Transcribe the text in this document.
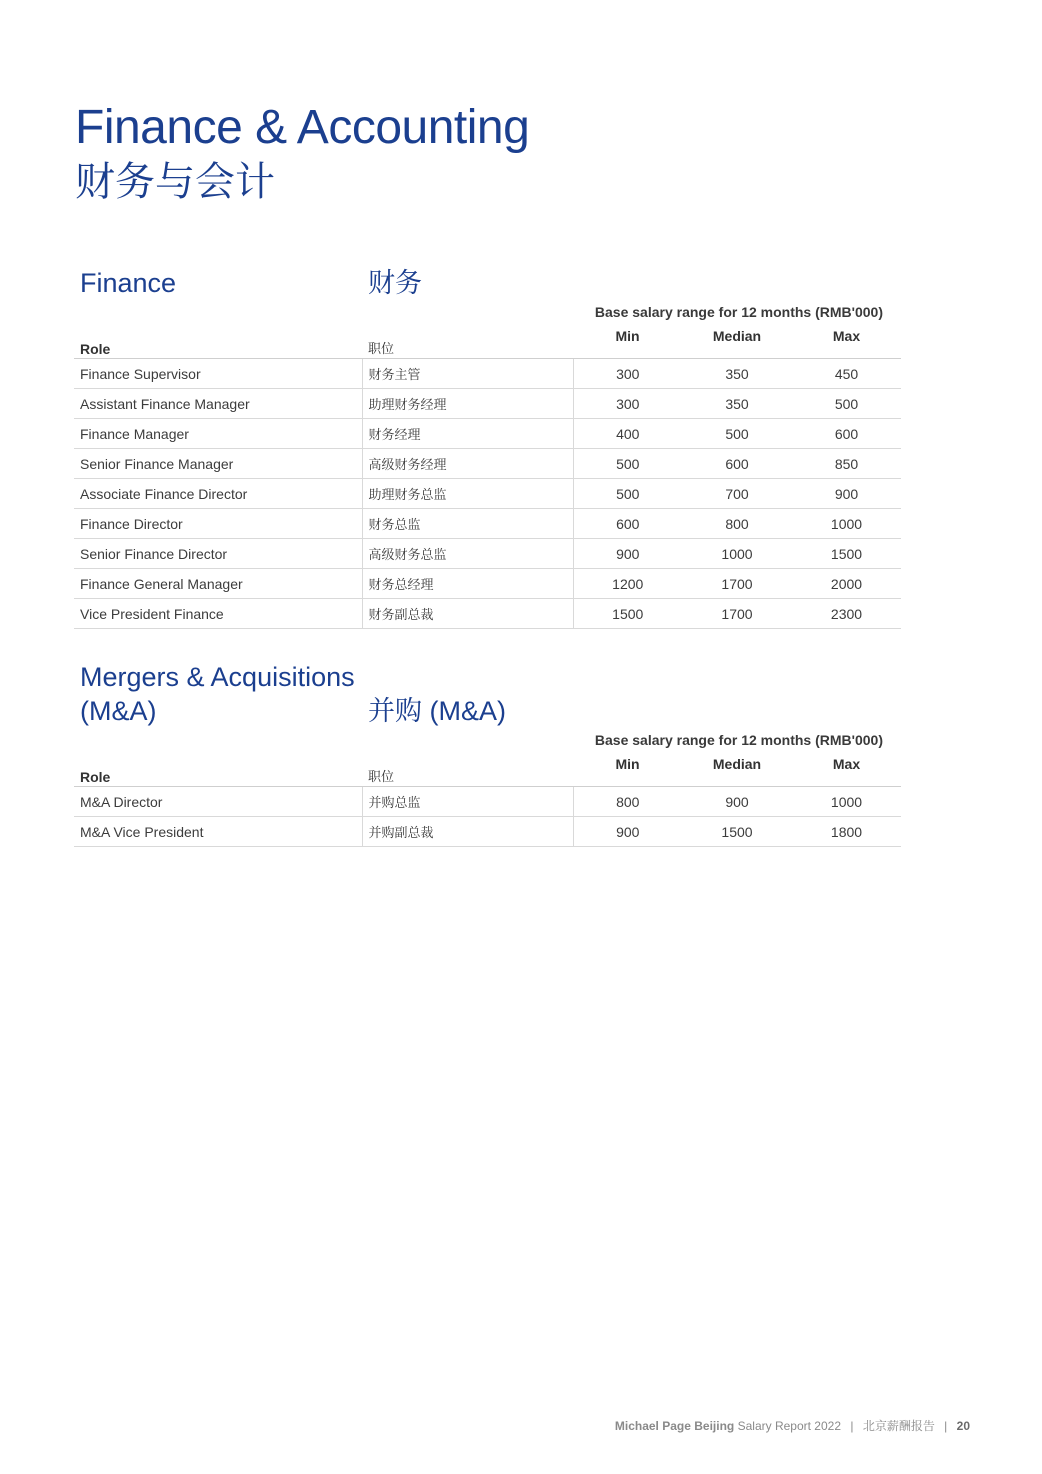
Finance & Accounting
财务与会计
Finance	财务
Base salary range for 12 months (RMB'000)
Role	职位	Min	Median	Max
Finance Supervisor	财务主管	300	350	450
Assistant Finance Manager	助理财务经理	300	350	500
Finance Manager	财务经理	400	500	600
Senior Finance Manager	高级财务经理	500	600	850
Associate Finance Director	助理财务总监	500	700	900
Finance Director	财务总监	600	800	1000
Senior Finance Director	高级财务总监	900	1000	1500
Finance General Manager	财务总经理	1200	1700	2000
Vice President Finance	财务副总裁	1500	1700	2300
Mergers & Acquisitions
(M&A)	并购 (M&A)
Base salary range for 12 months (RMB'000)
Role	职位	Min	Median	Max
M&A Director	并购总监	800	900	1000
M&A Vice President	并购副总裁	900	1500	1800
Michael Page Beijing Salary Report 2022 | 北京薪酬报告 | 20
